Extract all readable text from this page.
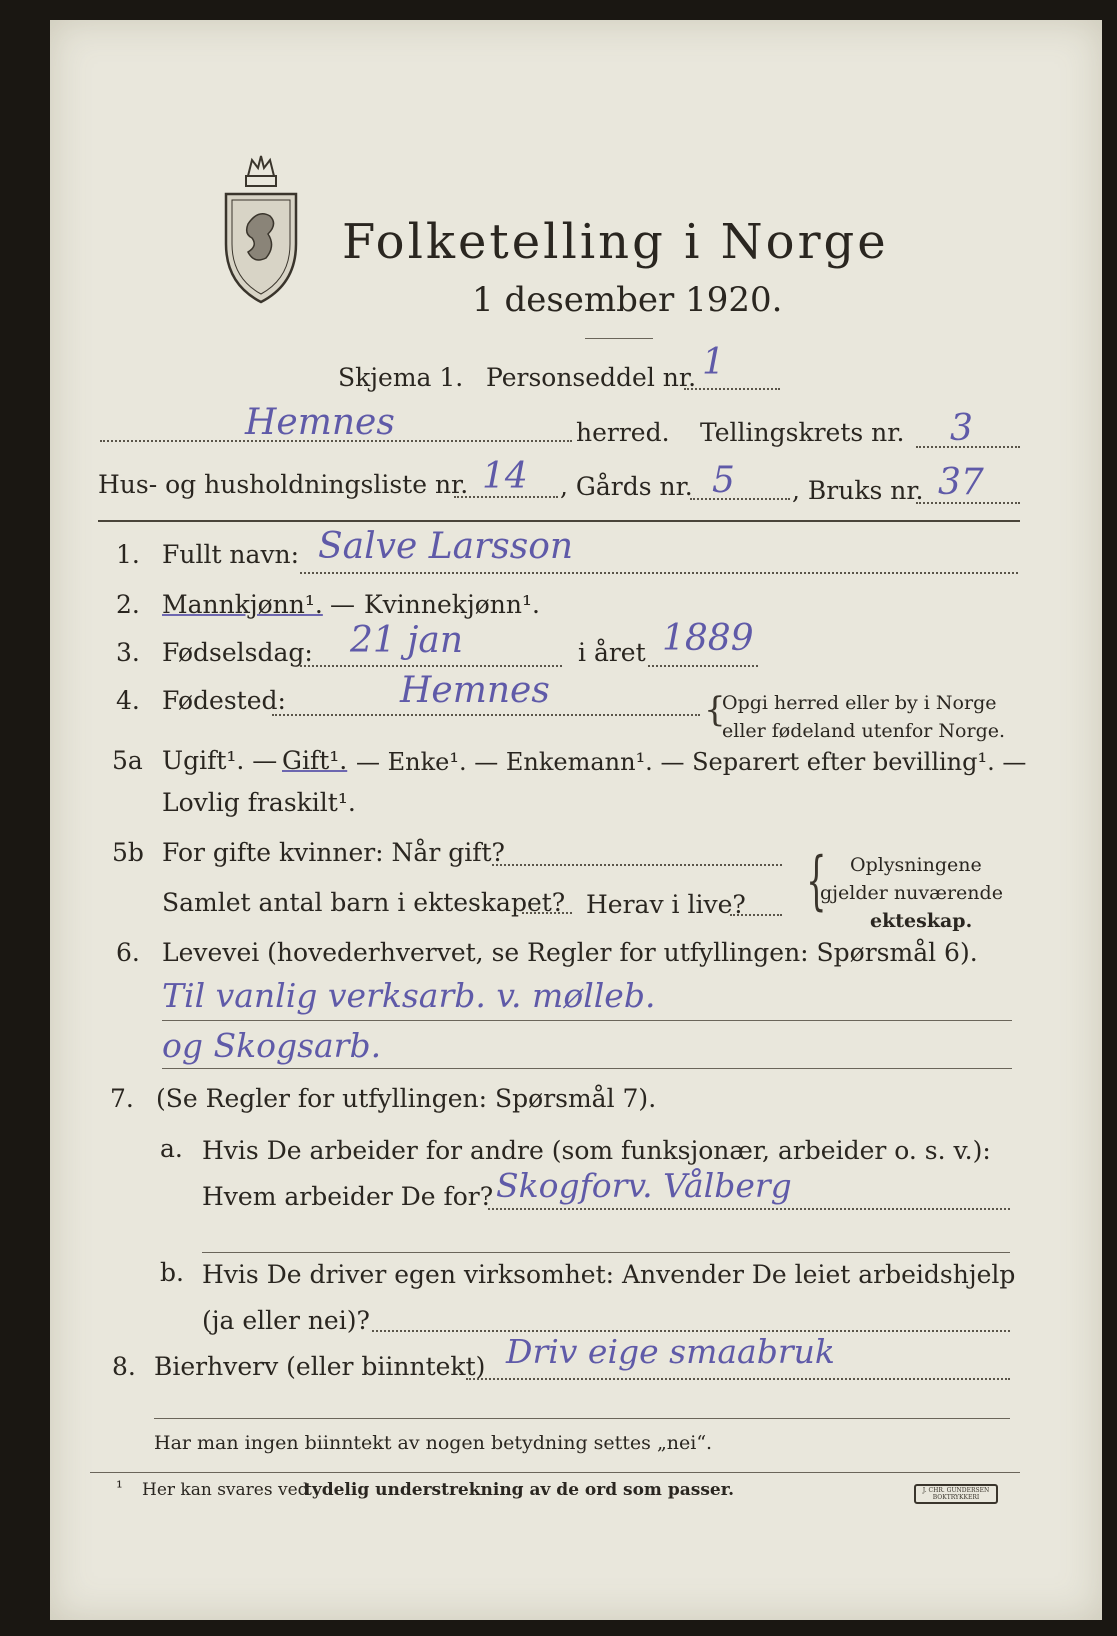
Folketelling i Norge
1 desember 1920.
Skjema 1. Personseddel nr. 1
Hemnes	herred. Tellingskrets nr. 3
Hus- og husholdningsliste nr. 14 , Gårds nr. 5 , Bruks nr. 37
1. Fullt navn: Salve Larsson
2. Mannkjønn¹. — Kvinnekjønn¹.
3. Fødselsdag: 21 jan	i året 1889
4. Fødested:	Hemnes	{
Opgi herred eller by i Norge
eller fødeland utenfor Norge.
5a Ugift¹. — Gift¹. — Enke¹. — Enkemann¹. — Separert efter bevilling¹. —
Lovlig fraskilt¹.
5b For gifte kvinner: Når gift?
Samlet antal barn i ekteskapet? Herav i live? { Oplysningene
gjelder nuværende
ekteskap.
6. Levevei (hovederhvervet, se Regler for utfyllingen: Spørsmål 6).
Til vanlig verksarb. v. mølleb.
og Skogsarb.
7. (Se Regler for utfyllingen: Spørsmål 7).
a. Hvis De arbeider for andre (som funksjonær, arbeider o. s. v.):
Hvem arbeider De for? Skogforv. Vålberg
b. Hvis De driver egen virksomhet: Anvender De leiet arbeidshjelp
(ja eller nei)?
8. Bierhverv (eller biinntekt) Driv eige smaabruk
Har man ingen biinntekt av nogen betydning settes „nei“.
¹ Her kan svares ved
tydelig understrekning av de ord som passer.	J. CHR. GUNDERSEN BOKTRYKKERI
